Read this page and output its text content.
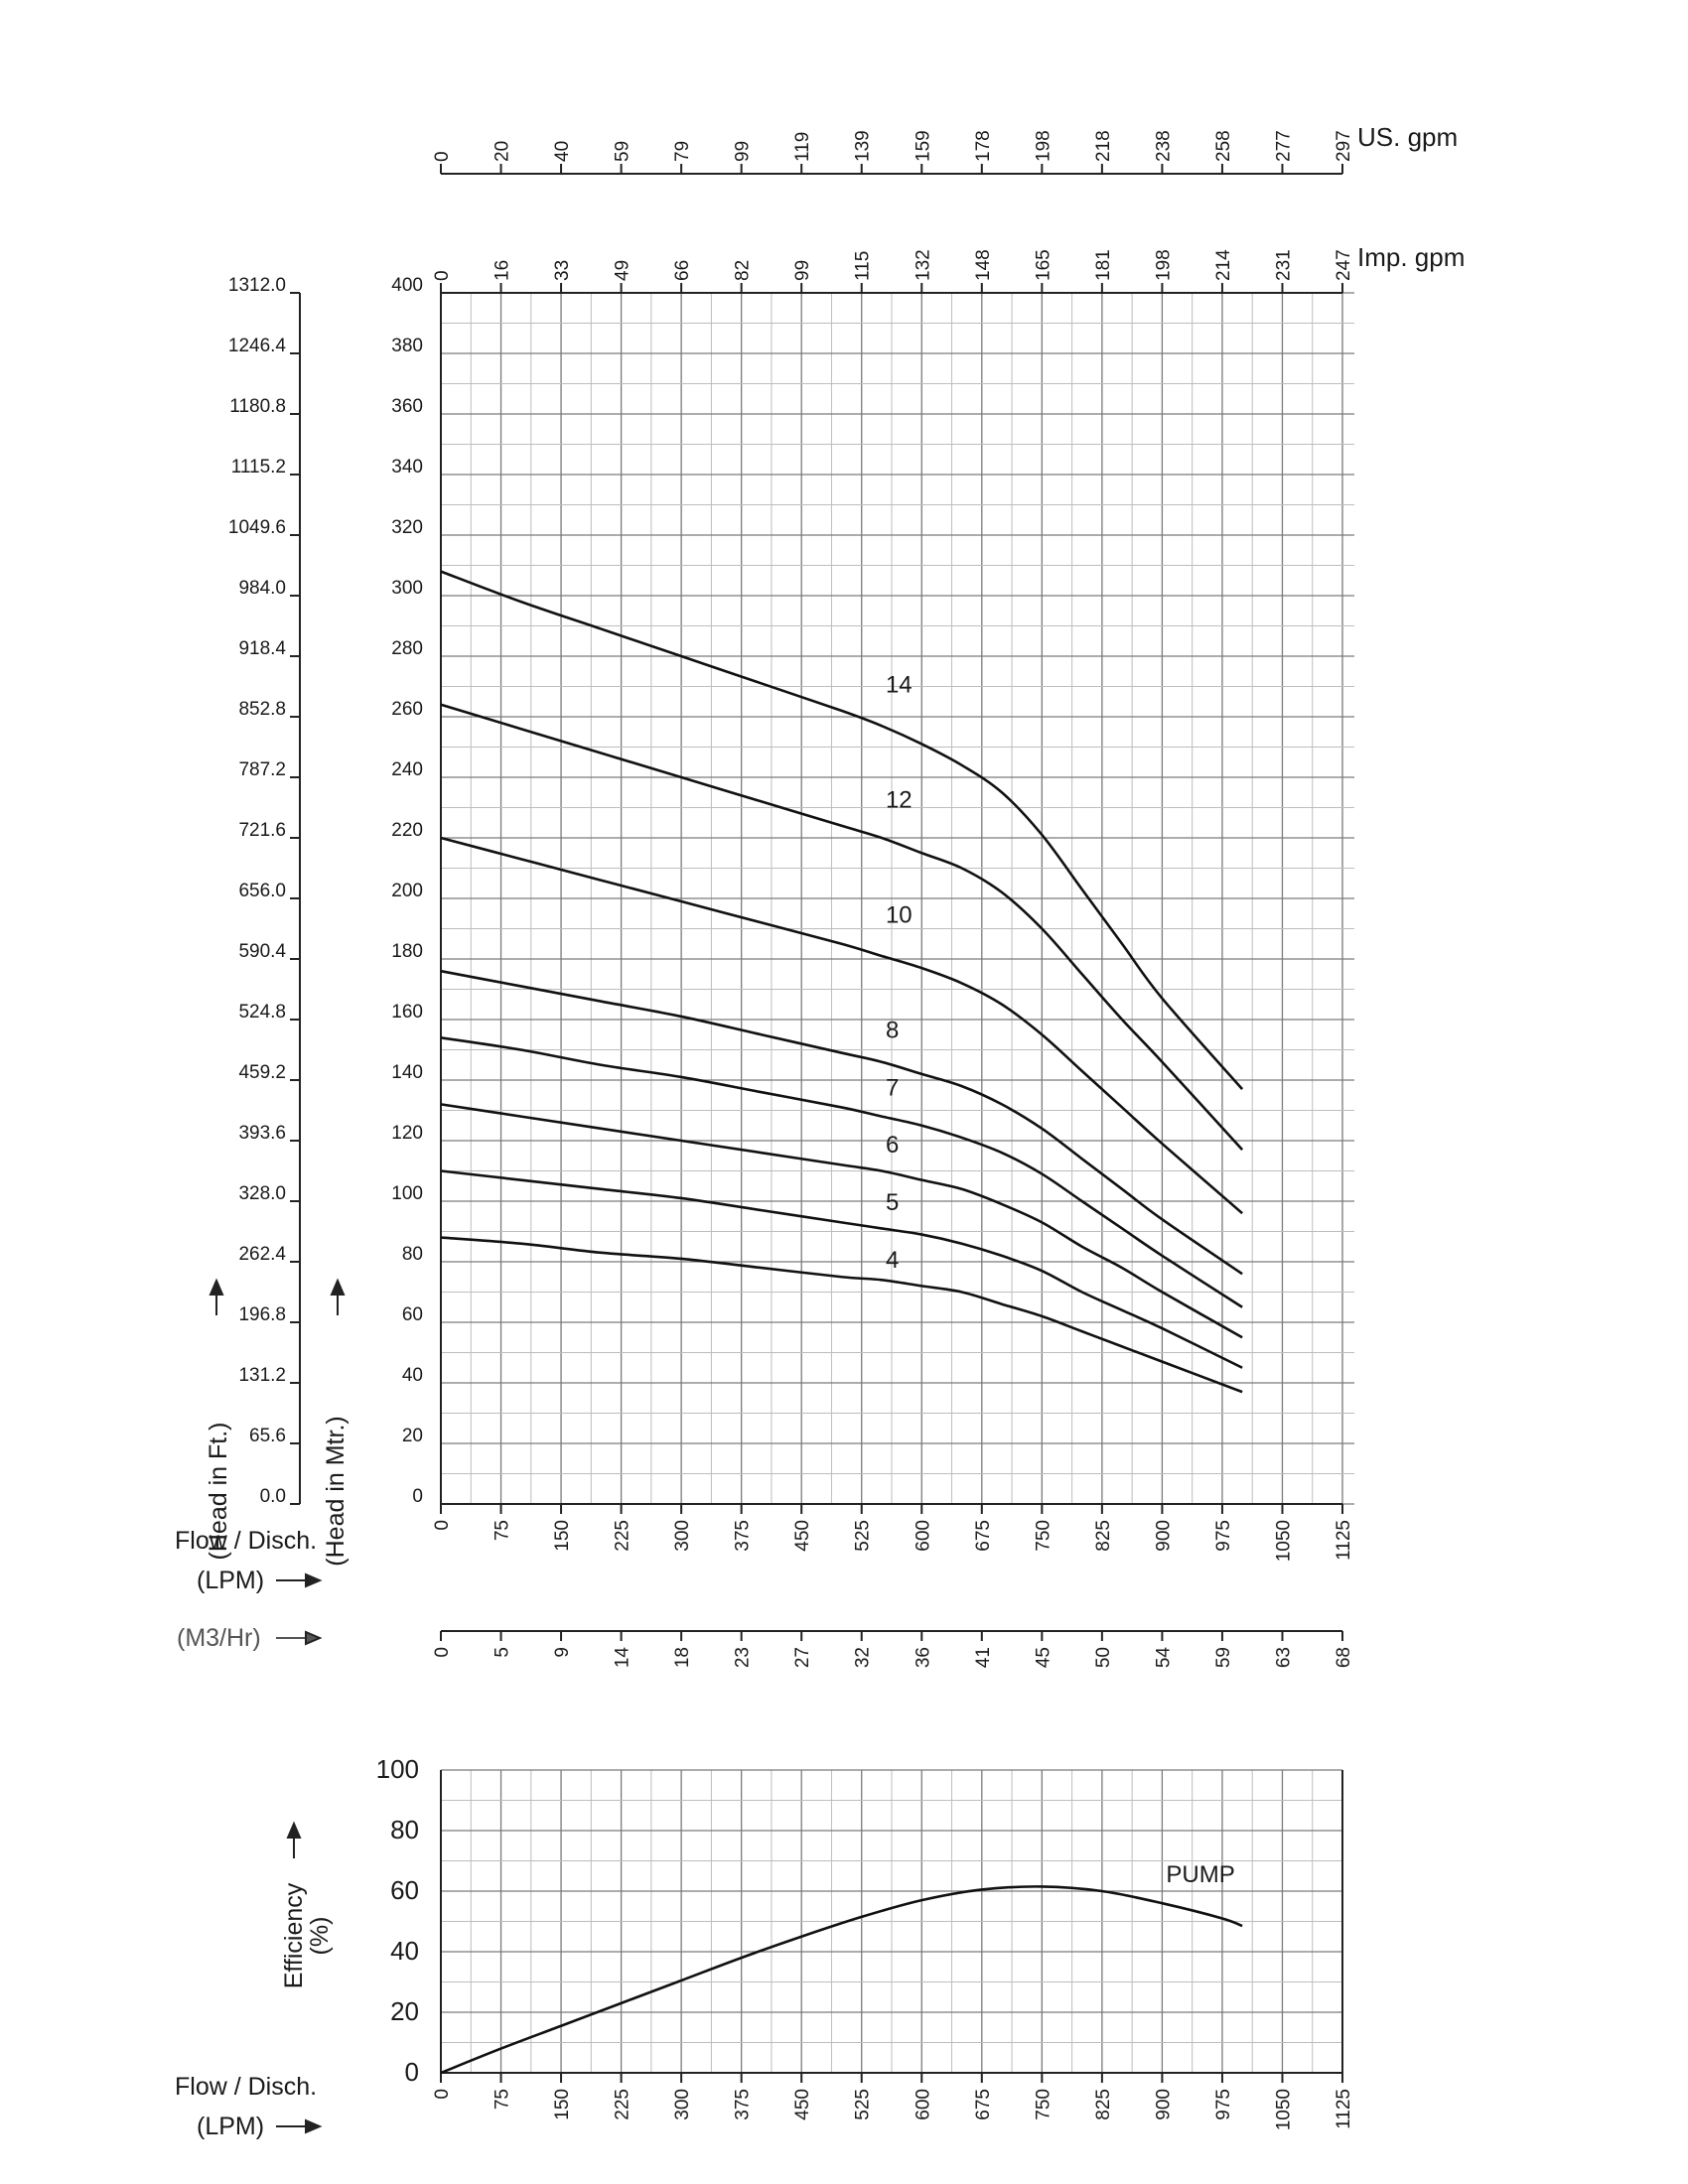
0 20 40 59 79 99 119 139 159 178 198 218 238 258 277 297
0 16 33 49 66 82 99 115 132 148 165 181 198 214 231 247
0 75 150 225 300 375 450 525 600 675 750 825 900 975 1050 1125
0 5 9 14 18 23 27 32 36 41 45 50 54 59 63 68
0
20
40
60
80
100
120
140
160
180
200
220
240
260
280
300
320
340
360
380
400
0.0
65.6
131.2
196.8
262.4
328.0
393.6
459.2
524.8
590.4
656.0
721.6
787.2
852.8
918.4
984.0
1049.6
1115.2
1180.8
1246.4
1312.0
0
20
40
60
80
100
0 75 150 225 300 375 450 525 600 675 750 825 900 975 1050 1125
14
12
10
8
7
6
5
4
PUMP
US. gpm
Imp. gpm
Flow / Disch.
(LPM)
(M3/Hr)
Flow / Disch.
(LPM)
(Head in Ft.)	(Head in Mtr.)
Efficiency
(%)
